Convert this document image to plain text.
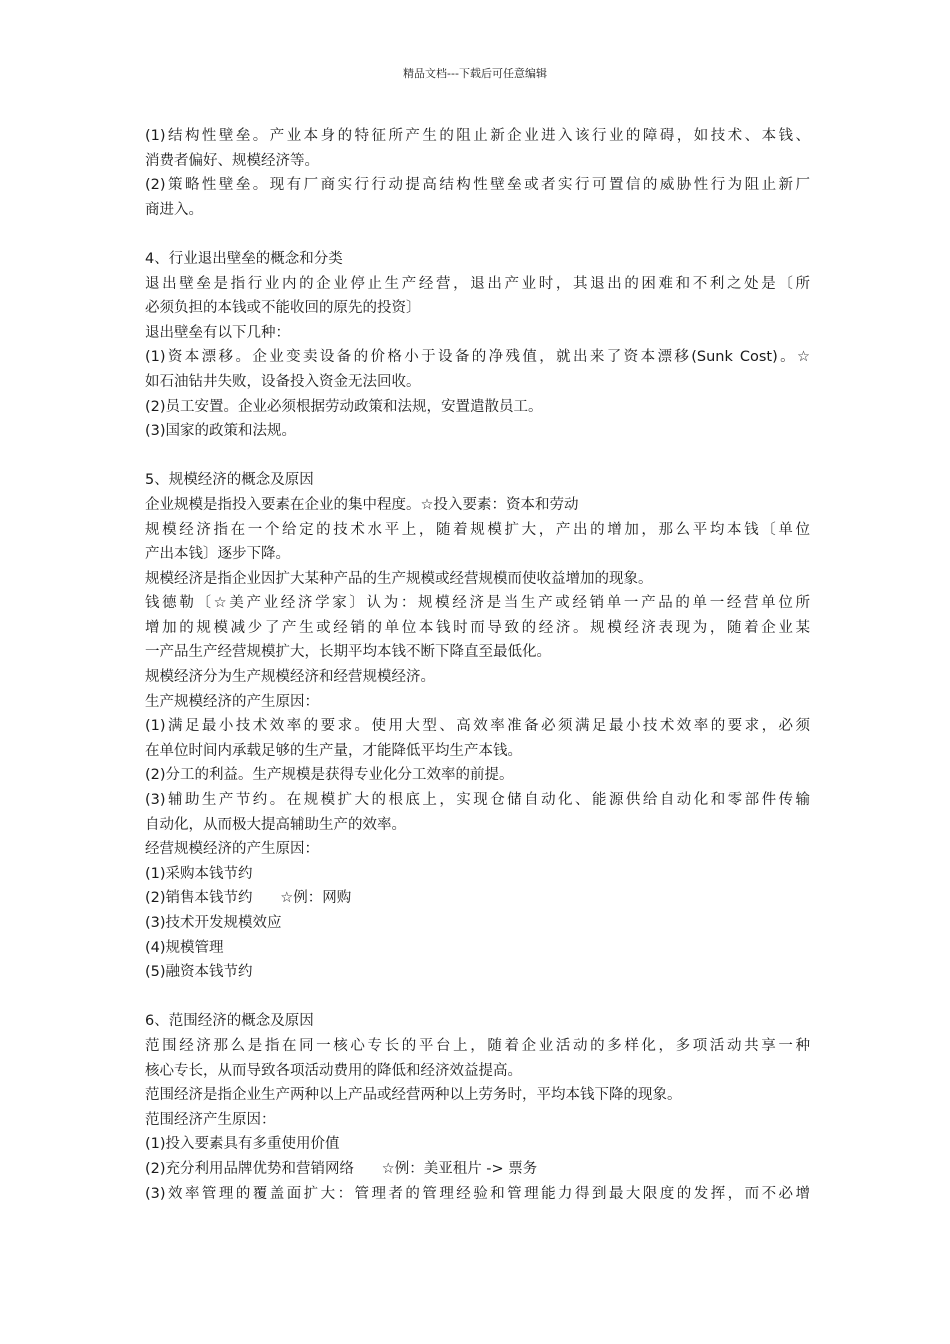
精品文档---下载后可任意编辑
(1)结构性壁垒。产业本身的特征所产生的阻止新企业进入该行业的障碍，如技术、本钱、
消费者偏好、规模经济等。
(2)策略性壁垒。现有厂商实行行动提高结构性壁垒或者实行可置信的威胁性行为阻止新厂
商进入。
4、行业退出壁垒的概念和分类
退出壁垒是指行业内的企业停止生产经营，退出产业时，其退出的困难和不利之处是〔所
必须负担的本钱或不能收回的原先的投资〕
退出壁垒有以下几种：
(1)资本漂移。企业变卖设备的价格小于设备的净残值，就出来了资本漂移(Sunk Cost)。☆
如石油钻井失败，设备投入资金无法回收。
(2)员工安置。企业必须根据劳动政策和法规，安置遣散员工。
(3)国家的政策和法规。
5、规模经济的概念及原因
企业规模是指投入要素在企业的集中程度。☆投入要素：资本和劳动
规模经济指在一个给定的技术水平上，随着规模扩大，产出的增加，那么平均本钱〔单位
产出本钱〕逐步下降。
规模经济是指企业因扩大某种产品的生产规模或经营规模而使收益增加的现象。
钱德勒〔☆美产业经济学家〕认为：规模经济是当生产或经销单一产品的单一经营单位所
增加的规模减少了产生或经销的单位本钱时而导致的经济。规模经济表现为，随着企业某
一产品生产经营规模扩大，长期平均本钱不断下降直至最低化。
规模经济分为生产规模经济和经营规模经济。
生产规模经济的产生原因：
(1)满足最小技术效率的要求。使用大型、高效率准备必须满足最小技术效率的要求，必须
在单位时间内承载足够的生产量，才能降低平均生产本钱。
(2)分工的利益。生产规模是获得专业化分工效率的前提。
(3)辅助生产节约。在规模扩大的根底上，实现仓储自动化、能源供给自动化和零部件传输
自动化，从而极大提高辅助生产的效率。
经营规模经济的产生原因：
(1)采购本钱节约
(2)销售本钱节约      ☆例：网购
(3)技术开发规模效应
(4)规模管理
(5)融资本钱节约
6、范围经济的概念及原因
范围经济那么是指在同一核心专长的平台上，随着企业活动的多样化，多项活动共享一种
核心专长，从而导致各项活动费用的降低和经济效益提高。
范围经济是指企业生产两种以上产品或经营两种以上劳务时，平均本钱下降的现象。
范围经济产生原因：
(1)投入要素具有多重使用价值
(2)充分利用品牌优势和营销网络      ☆例：美亚租片 -> 票务
(3)效率管理的覆盖面扩大：管理者的管理经验和管理能力得到最大限度的发挥，而不必增
